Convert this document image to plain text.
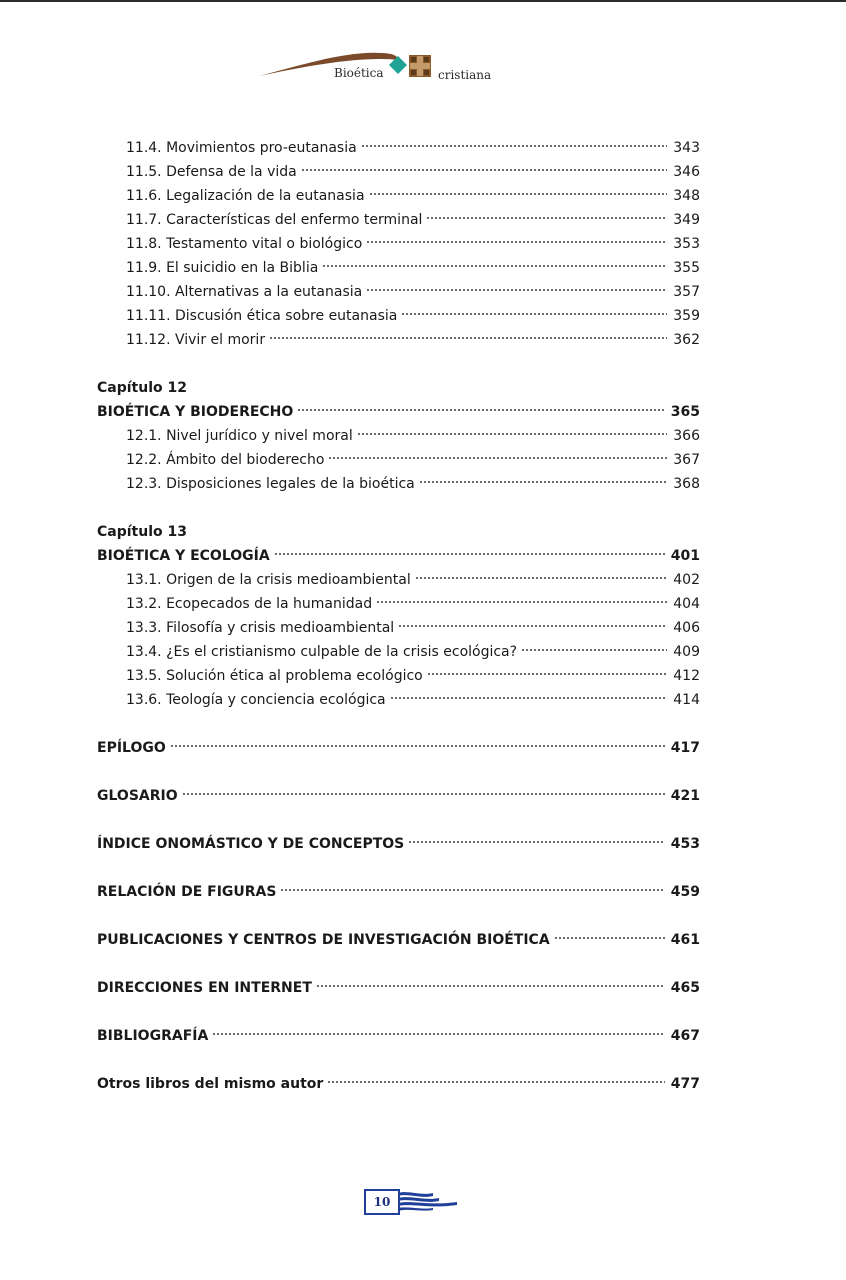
Bioética	cristiana
11.4. Movimientos pro-eutanasia	343
11.5. Defensa de la vida	346
11.6. Legalización de la eutanasia	348
11.7. Características del enfermo terminal	349
11.8. Testamento vital o biológico	353
11.9. El suicidio en la Biblia	355
11.10. Alternativas a la eutanasia	357
11.11. Discusión ética sobre eutanasia	359
11.12. Vivir el morir	362
Capítulo 12
BIOÉTICA Y BIODERECHO	365
12.1. Nivel jurídico y nivel moral	366
12.2. Ámbito del bioderecho	367
12.3. Disposiciones legales de la bioética	368
Capítulo 13
BIOÉTICA Y ECOLOGÍA	401
13.1. Origen de la crisis medioambiental	402
13.2. Ecopecados de la humanidad	404
13.3. Filosofía y crisis medioambiental	406
13.4. ¿Es el cristianismo culpable de la crisis ecológica?	409
13.5. Solución ética al problema ecológico	412
13.6. Teología y conciencia ecológica	414
EPÍLOGO	417
GLOSARIO	421
ÍNDICE ONOMÁSTICO Y DE CONCEPTOS	453
RELACIÓN DE FIGURAS	459
PUBLICACIONES Y CENTROS DE INVESTIGACIÓN BIOÉTICA	461
DIRECCIONES EN INTERNET	465
BIBLIOGRAFÍA	467
Otros libros del mismo autor	477
10
